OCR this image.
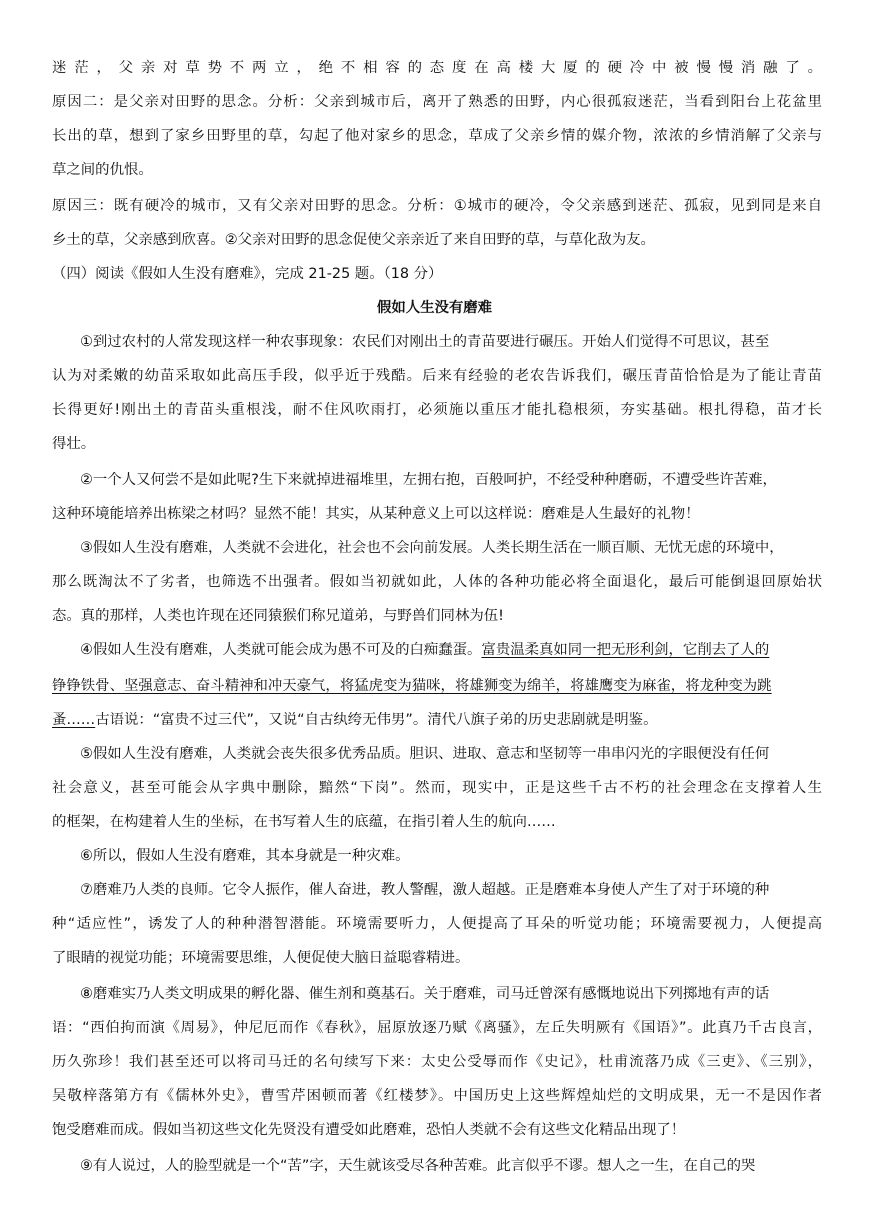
迷茫，父亲对草势不两立，绝不相容的态度在高楼大厦的硬冷中被慢慢消融了。
原因二：是父亲对田野的思念。分析：父亲到城市后，离开了熟悉的田野，内心很孤寂迷茫，当看到阳台上花盆里
长出的草，想到了家乡田野里的草，勾起了他对家乡的思念，草成了父亲乡情的媒介物，浓浓的乡情消解了父亲与
草之间的仇恨。
原因三：既有硬冷的城市，又有父亲对田野的思念。分析：①城市的硬冷，令父亲感到迷茫、孤寂，见到同是来自
乡土的草，父亲感到欣喜。②父亲对田野的思念促使父亲亲近了来自田野的草，与草化敌为友。
（四）阅读《假如人生没有磨难》，完成 21-25 题。（18 分）
假如人生没有磨难
①到过农村的人常发现这样一种农事现象：农民们对刚出土的青苗要进行碾压。开始人们觉得不可思议，甚至
认为对柔嫩的幼苗采取如此高压手段，似乎近于残酷。后来有经验的老农告诉我们，碾压青苗恰恰是为了能让青苗
长得更好!刚出土的青苗头重根浅，耐不住风吹雨打，必须施以重压才能扎稳根须，夯实基础。根扎得稳，苗才长
得壮。
②一个人又何尝不是如此呢?生下来就掉进福堆里，左拥右抱，百般呵护，不经受种种磨砺，不遭受些许苦难，
这种环境能培养出栋梁之材吗？显然不能！其实，从某种意义上可以这样说：磨难是人生最好的礼物！
③假如人生没有磨难，人类就不会进化，社会也不会向前发展。人类长期生活在一顺百顺、无忧无虑的环境中，
那么既淘汰不了劣者，也筛选不出强者。假如当初就如此，人体的各种功能必将全面退化，最后可能倒退回原始状
态。真的那样，人类也许现在还同猿猴们称兄道弟，与野兽们同林为伍!
④假如人生没有磨难，人类就可能会成为愚不可及的白痴蠢蛋。富贵温柔真如同一把无形利剑，它削去了人的
铮铮铁骨、坚强意志、奋斗精神和冲天豪气，将猛虎变为猫咪，将雄狮变为绵羊，将雄鹰变为麻雀，将龙种变为跳
蚤……古语说：“富贵不过三代”，又说“自古纨绔无伟男”。清代八旗子弟的历史悲剧就是明鉴。
⑤假如人生没有磨难，人类就会丧失很多优秀品质。胆识、进取、意志和坚韧等一串串闪光的字眼便没有任何
社会意义，甚至可能会从字典中删除，黯然“下岗”。然而，现实中，正是这些千古不朽的社会理念在支撑着人生
的框架，在构建着人生的坐标，在书写着人生的底蕴，在指引着人生的航向……
⑥所以，假如人生没有磨难，其本身就是一种灾难。
⑦磨难乃人类的良师。它令人振作，催人奋进，教人警醒，激人超越。正是磨难本身使人产生了对于环境的种
种“适应性”，诱发了人的种种潜智潜能。环境需要听力，人便提高了耳朵的听觉功能；环境需要视力，人便提高
了眼睛的视觉功能；环境需要思维，人便促使大脑日益聪睿精进。
⑧磨难实乃人类文明成果的孵化器、催生剂和奠基石。关于磨难，司马迁曾深有感慨地说出下列掷地有声的话
语：“西伯拘而演《周易》，仲尼厄而作《春秋》，屈原放逐乃赋《离骚》，左丘失明厥有《国语》”。此真乃千古良言，
历久弥珍！我们甚至还可以将司马迁的名句续写下来：太史公受辱而作《史记》，杜甫流落乃成《三吏》、《三别》，
吴敬梓落第方有《儒林外史》，曹雪芹困顿而著《红楼梦》。中国历史上这些辉煌灿烂的文明成果，无一不是因作者
饱受磨难而成。假如当初这些文化先贤没有遭受如此磨难，恐怕人类就不会有这些文化精品出现了！
⑨有人说过，人的脸型就是一个“苦”字，天生就该受尽各种苦难。此言似乎不谬。想人之一生，在自己的哭
